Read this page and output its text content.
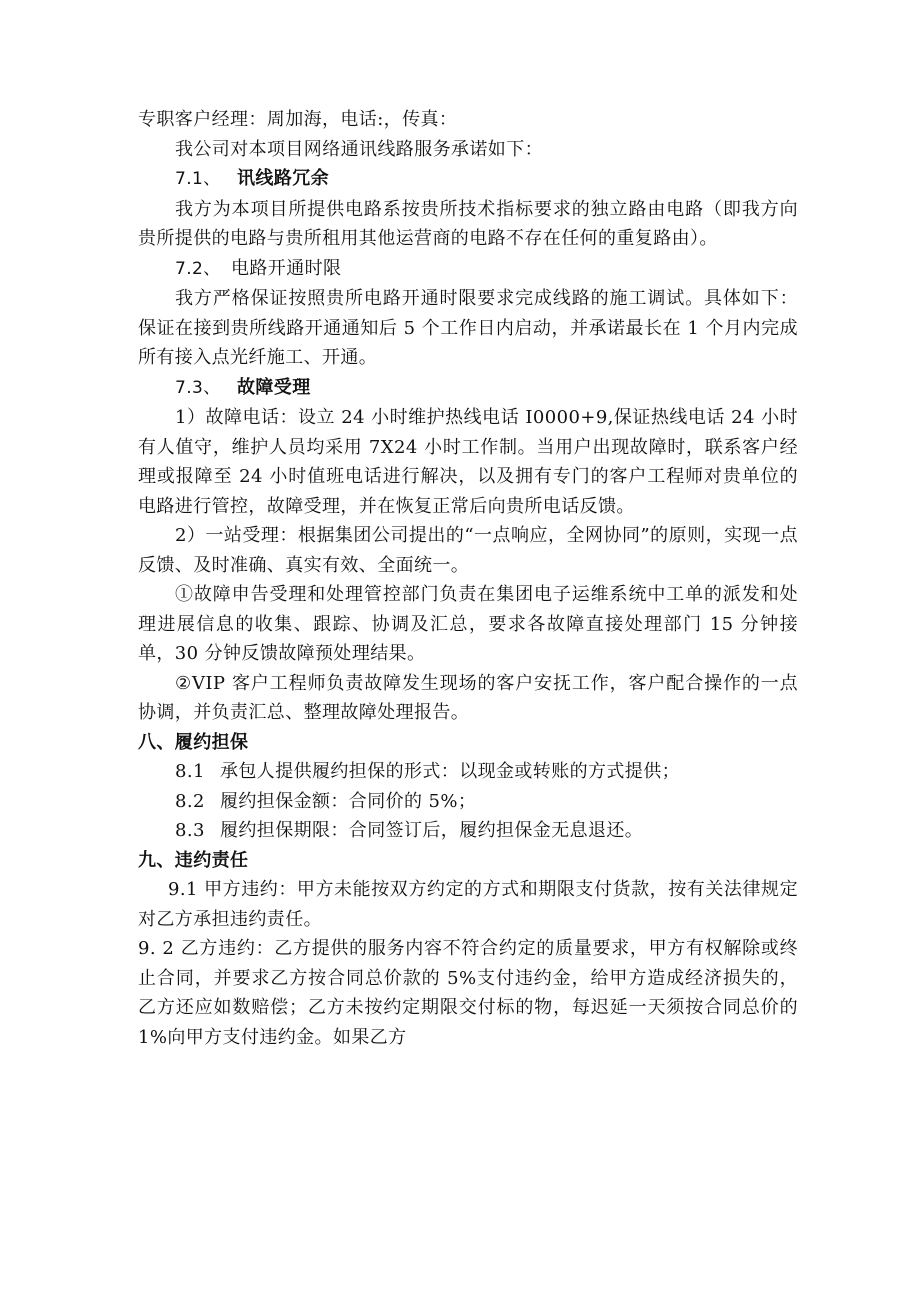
专职客户经理：周加海，电话:，传真：

我公司对本项目网络通讯线路服务承诺如下：

7.1、 讯线路冗余

我方为本项目所提供电路系按贵所技术指标要求的独立路由电路（即我方向贵所提供的电路与贵所租用其他运营商的电路不存在任何的重复路由）。

7.2、 电路开通时限

我方严格保证按照贵所电路开通时限要求完成线路的施工调试。具体如下：保证在接到贵所线路开通通知后 5 个工作日内启动，并承诺最长在 1 个月内完成所有接入点光纤施工、开通。

7.3、 故障受理

1）故障电话：设立 24 小时维护热线电话 I0000+9,保证热线电话 24 小时有人值守，维护人员均采用 7X24 小时工作制。当用户出现故障时，联系客户经理或报障至 24 小时值班电话进行解决，以及拥有专门的客户工程师对贵单位的电路进行管控，故障受理，并在恢复正常后向贵所电话反馈。

2）一站受理：根据集团公司提出的“一点响应，全网协同”的原则，实现一点反馈、及时准确、真实有效、全面统一。

①故障申告受理和处理管控部门负责在集团电子运维系统中工单的派发和处理进展信息的收集、跟踪、协调及汇总，要求各故障直接处理部门 15 分钟接单，30 分钟反馈故障预处理结果。

②VIP 客户工程师负责故障发生现场的客户安抚工作，客户配合操作的一点协调，并负责汇总、整理故障处理报告。

八、履约担保

8.1 承包人提供履约担保的形式：以现金或转账的方式提供；

8.2 履约担保金额：合同价的 5%；

8.3 履约担保期限：合同签订后，履约担保金无息退还。

九、违约责任

9.1 甲方违约：甲方未能按双方约定的方式和期限支付货款，按有关法律规定对乙方承担违约责任。

9. 2 乙方违约：乙方提供的服务内容不符合约定的质量要求，甲方有权解除或终止合同，并要求乙方按合同总价款的 5%支付违约金，给甲方造成经济损失的，乙方还应如数赔偿；乙方未按约定期限交付标的物，每迟延一天须按合同总价的 1%向甲方支付违约金。如果乙方
